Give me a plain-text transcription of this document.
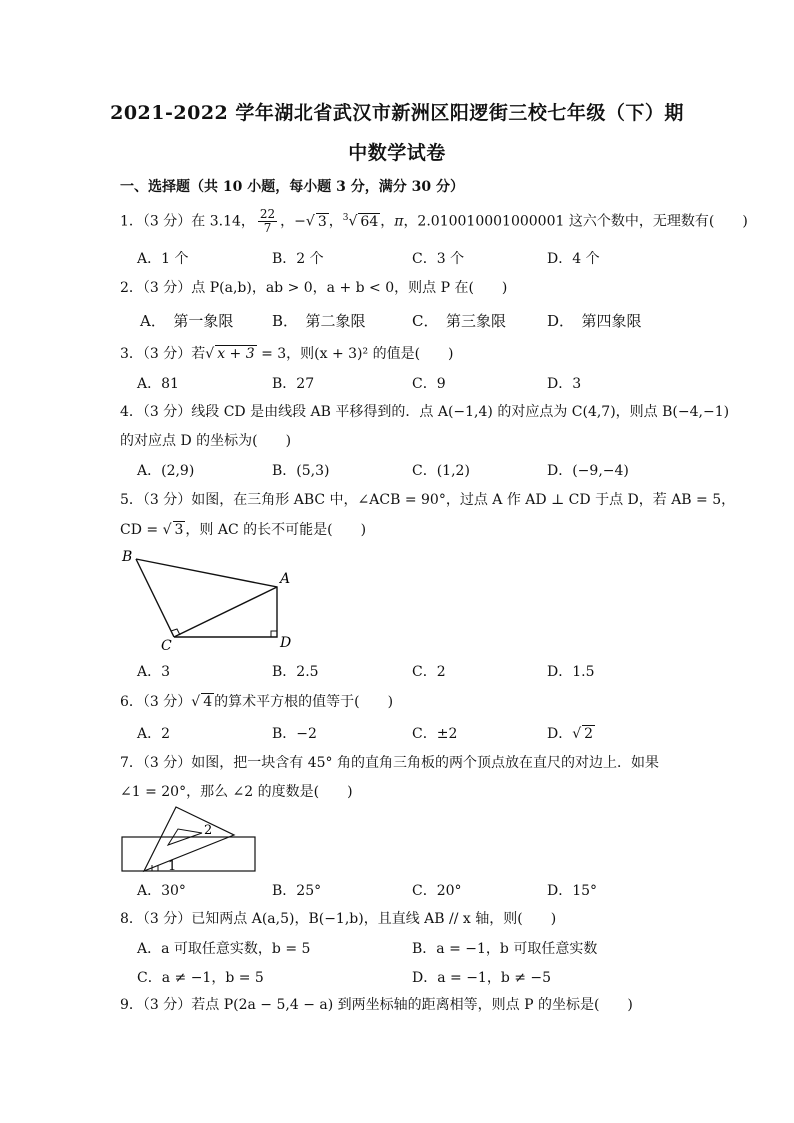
2021-2022 学年湖北省武汉市新洲区阳逻街三校七年级（下）期
中数学试卷
一、选择题（共 10 小题，每小题 3 分，满分 30 分）
1．（3 分）在 3.14， $\frac{22}{7}$ ，−√ 3 ，$^3$√ 64 ，π，2.010010001000001 这六个数中，无理数有(　　)
A．1 个	B．2 个	C．3 个	D．4 个
2．（3 分）点 P(a,b)，ab > 0，a + b < 0，则点 P 在(　　)
A．　第一象限	B．　第二象限	C．　第三象限	D．　第四象限
3．（3 分）若√ x + 3 = 3，则(x + 3)² 的值是(　　)
A．81	B．27	C．9	D．3
4．（3 分）线段 CD 是由线段 AB 平移得到的．点 A(−1,4) 的对应点为 C(4,7)，则点 B(−4,−1)
的对应点 D 的坐标为(　　)
A．(2,9)	B．(5,3)	C．(1,2)	D．(−9,−4)
5．（3 分）如图，在三角形 ABC 中，∠ACB = 90°，过点 A 作 AD ⊥ CD 于点 D，若 AB = 5，
CD = √ 3 ，则 AC 的长不可能是(　　)
B
A
C	D
A．3	B．2.5	C．2	D．1.5
6．（3 分）√ 4 的算术平方根的值等于(　　)
A．2	B．−2	C．±2	D．√ 2
7．（3 分）如图，把一块含有 45° 角的直角三角板的两个顶点放在直尺的对边上．如果
∠1 = 20°，那么 ∠2 的度数是(　　)
1
2
A．30°	B．25°	C．20°	D．15°
8．（3 分）已知两点 A(a,5)，B(−1,b)，且直线 AB // x 轴，则(　　)
A．a 可取任意实数，b = 5	B．a = −1，b 可取任意实数
C．a ≠ −1，b = 5	D．a = −1，b ≠ −5
9．（3 分）若点 P(2a − 5,4 − a) 到两坐标轴的距离相等，则点 P 的坐标是(　　)
